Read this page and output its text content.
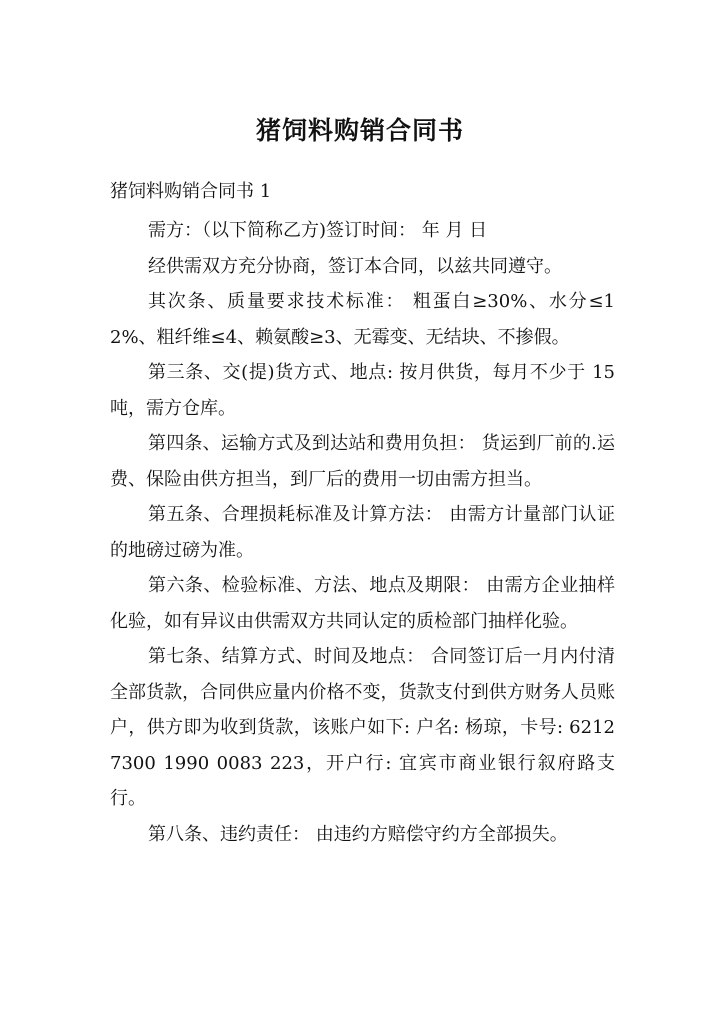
猪饲料购销合同书
猪饲料购销合同书 1

需方：（以下简称乙方)签订时间： 年 月 日

经供需双方充分协商，签订本合同，以兹共同遵守。

其次条、质量要求技术标准： 粗蛋白≥30%、水分≤12%、粗纤维≤4、赖氨酸≥3、无霉变、无结块、不掺假。

第三条、交(提)货方式、地点: 按月供货，每月不少于 15 吨，需方仓库。

第四条、运输方式及到达站和费用负担： 货运到厂前的.运费、保险由供方担当，到厂后的费用一切由需方担当。

第五条、合理损耗标准及计算方法： 由需方计量部门认证的地磅过磅为准。

第六条、检验标准、方法、地点及期限： 由需方企业抽样化验，如有异议由供需双方共同认定的质检部门抽样化验。

第七条、结算方式、时间及地点： 合同签订后一月内付清全部货款，合同供应量内价格不变，货款支付到供方财务人员账户，供方即为收到货款，该账户如下: 户名: 杨琼，卡号: 6212 7300 1990 0083 223，开户行: 宜宾市商业银行叙府路支行。

第八条、违约责任： 由违约方赔偿守约方全部损失。
